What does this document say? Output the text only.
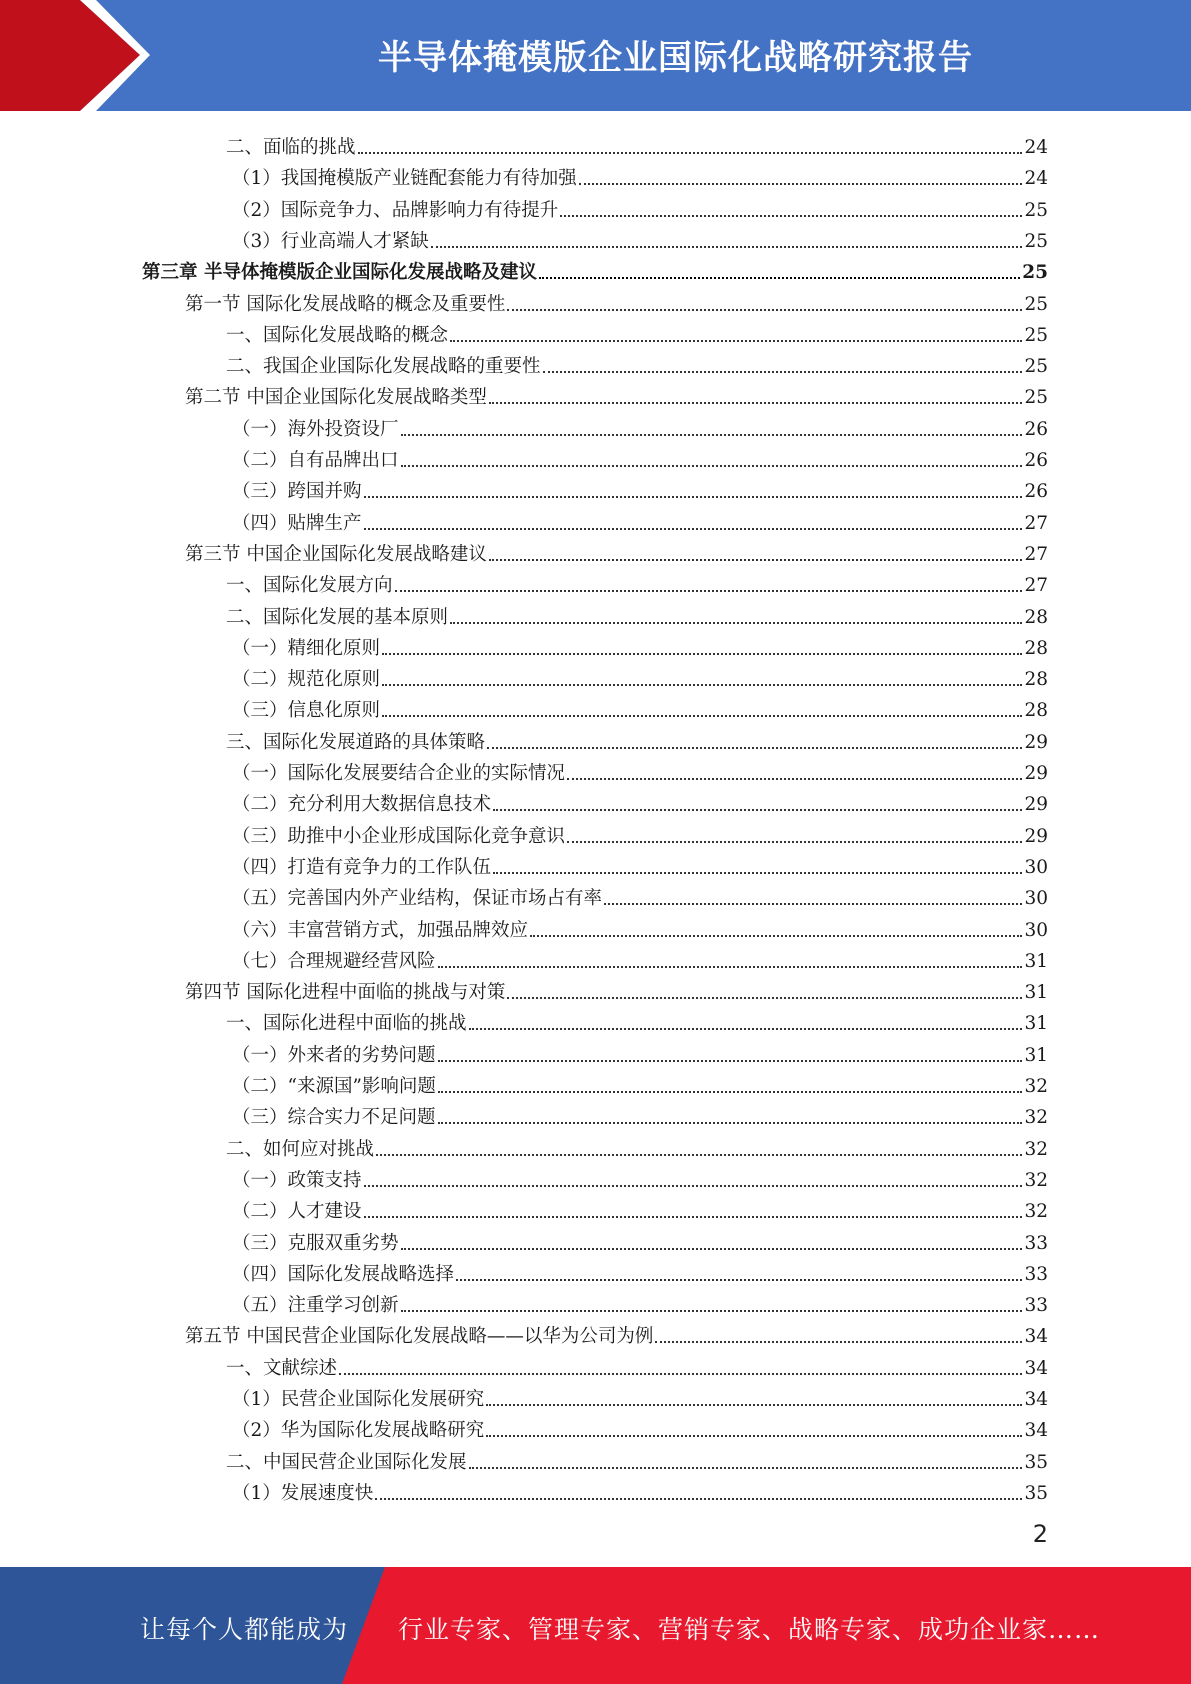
半导体掩模版企业国际化战略研究报告
二、面临的挑战	24
（1）我国掩模版产业链配套能力有待加强	24
（2）国际竞争力、品牌影响力有待提升	25
（3）行业高端人才紧缺	25
第三章 半导体掩模版企业国际化发展战略及建议	25
第一节 国际化发展战略的概念及重要性	25
一、国际化发展战略的概念	25
二、我国企业国际化发展战略的重要性	25
第二节 中国企业国际化发展战略类型	25
（一）海外投资设厂	26
（二）自有品牌出口	26
（三）跨国并购	26
（四）贴牌生产	27
第三节 中国企业国际化发展战略建议	27
一、国际化发展方向	27
二、国际化发展的基本原则	28
（一）精细化原则	28
（二）规范化原则	28
（三）信息化原则	28
三、国际化发展道路的具体策略	29
（一）国际化发展要结合企业的实际情况	29
（二）充分利用大数据信息技术	29
（三）助推中小企业形成国际化竞争意识	29
（四）打造有竞争力的工作队伍	30
（五）完善国内外产业结构，保证市场占有率	30
（六）丰富营销方式，加强品牌效应	30
（七）合理规避经营风险	31
第四节 国际化进程中面临的挑战与对策	31
一、国际化进程中面临的挑战	31
（一）外来者的劣势问题	31
（二）“来源国”影响问题	32
（三）综合实力不足问题	32
二、如何应对挑战	32
（一）政策支持	32
（二）人才建设	32
（三）克服双重劣势	33
（四）国际化发展战略选择	33
（五）注重学习创新	33
第五节 中国民营企业国际化发展战略——以华为公司为例	34
一、文献综述	34
（1）民营企业国际化发展研究	34
（2）华为国际化发展战略研究	34
二、中国民营企业国际化发展	35
（1）发展速度快	35
2
让每个人都能成为 行业专家、管理专家、营销专家、战略专家、成功企业家……
